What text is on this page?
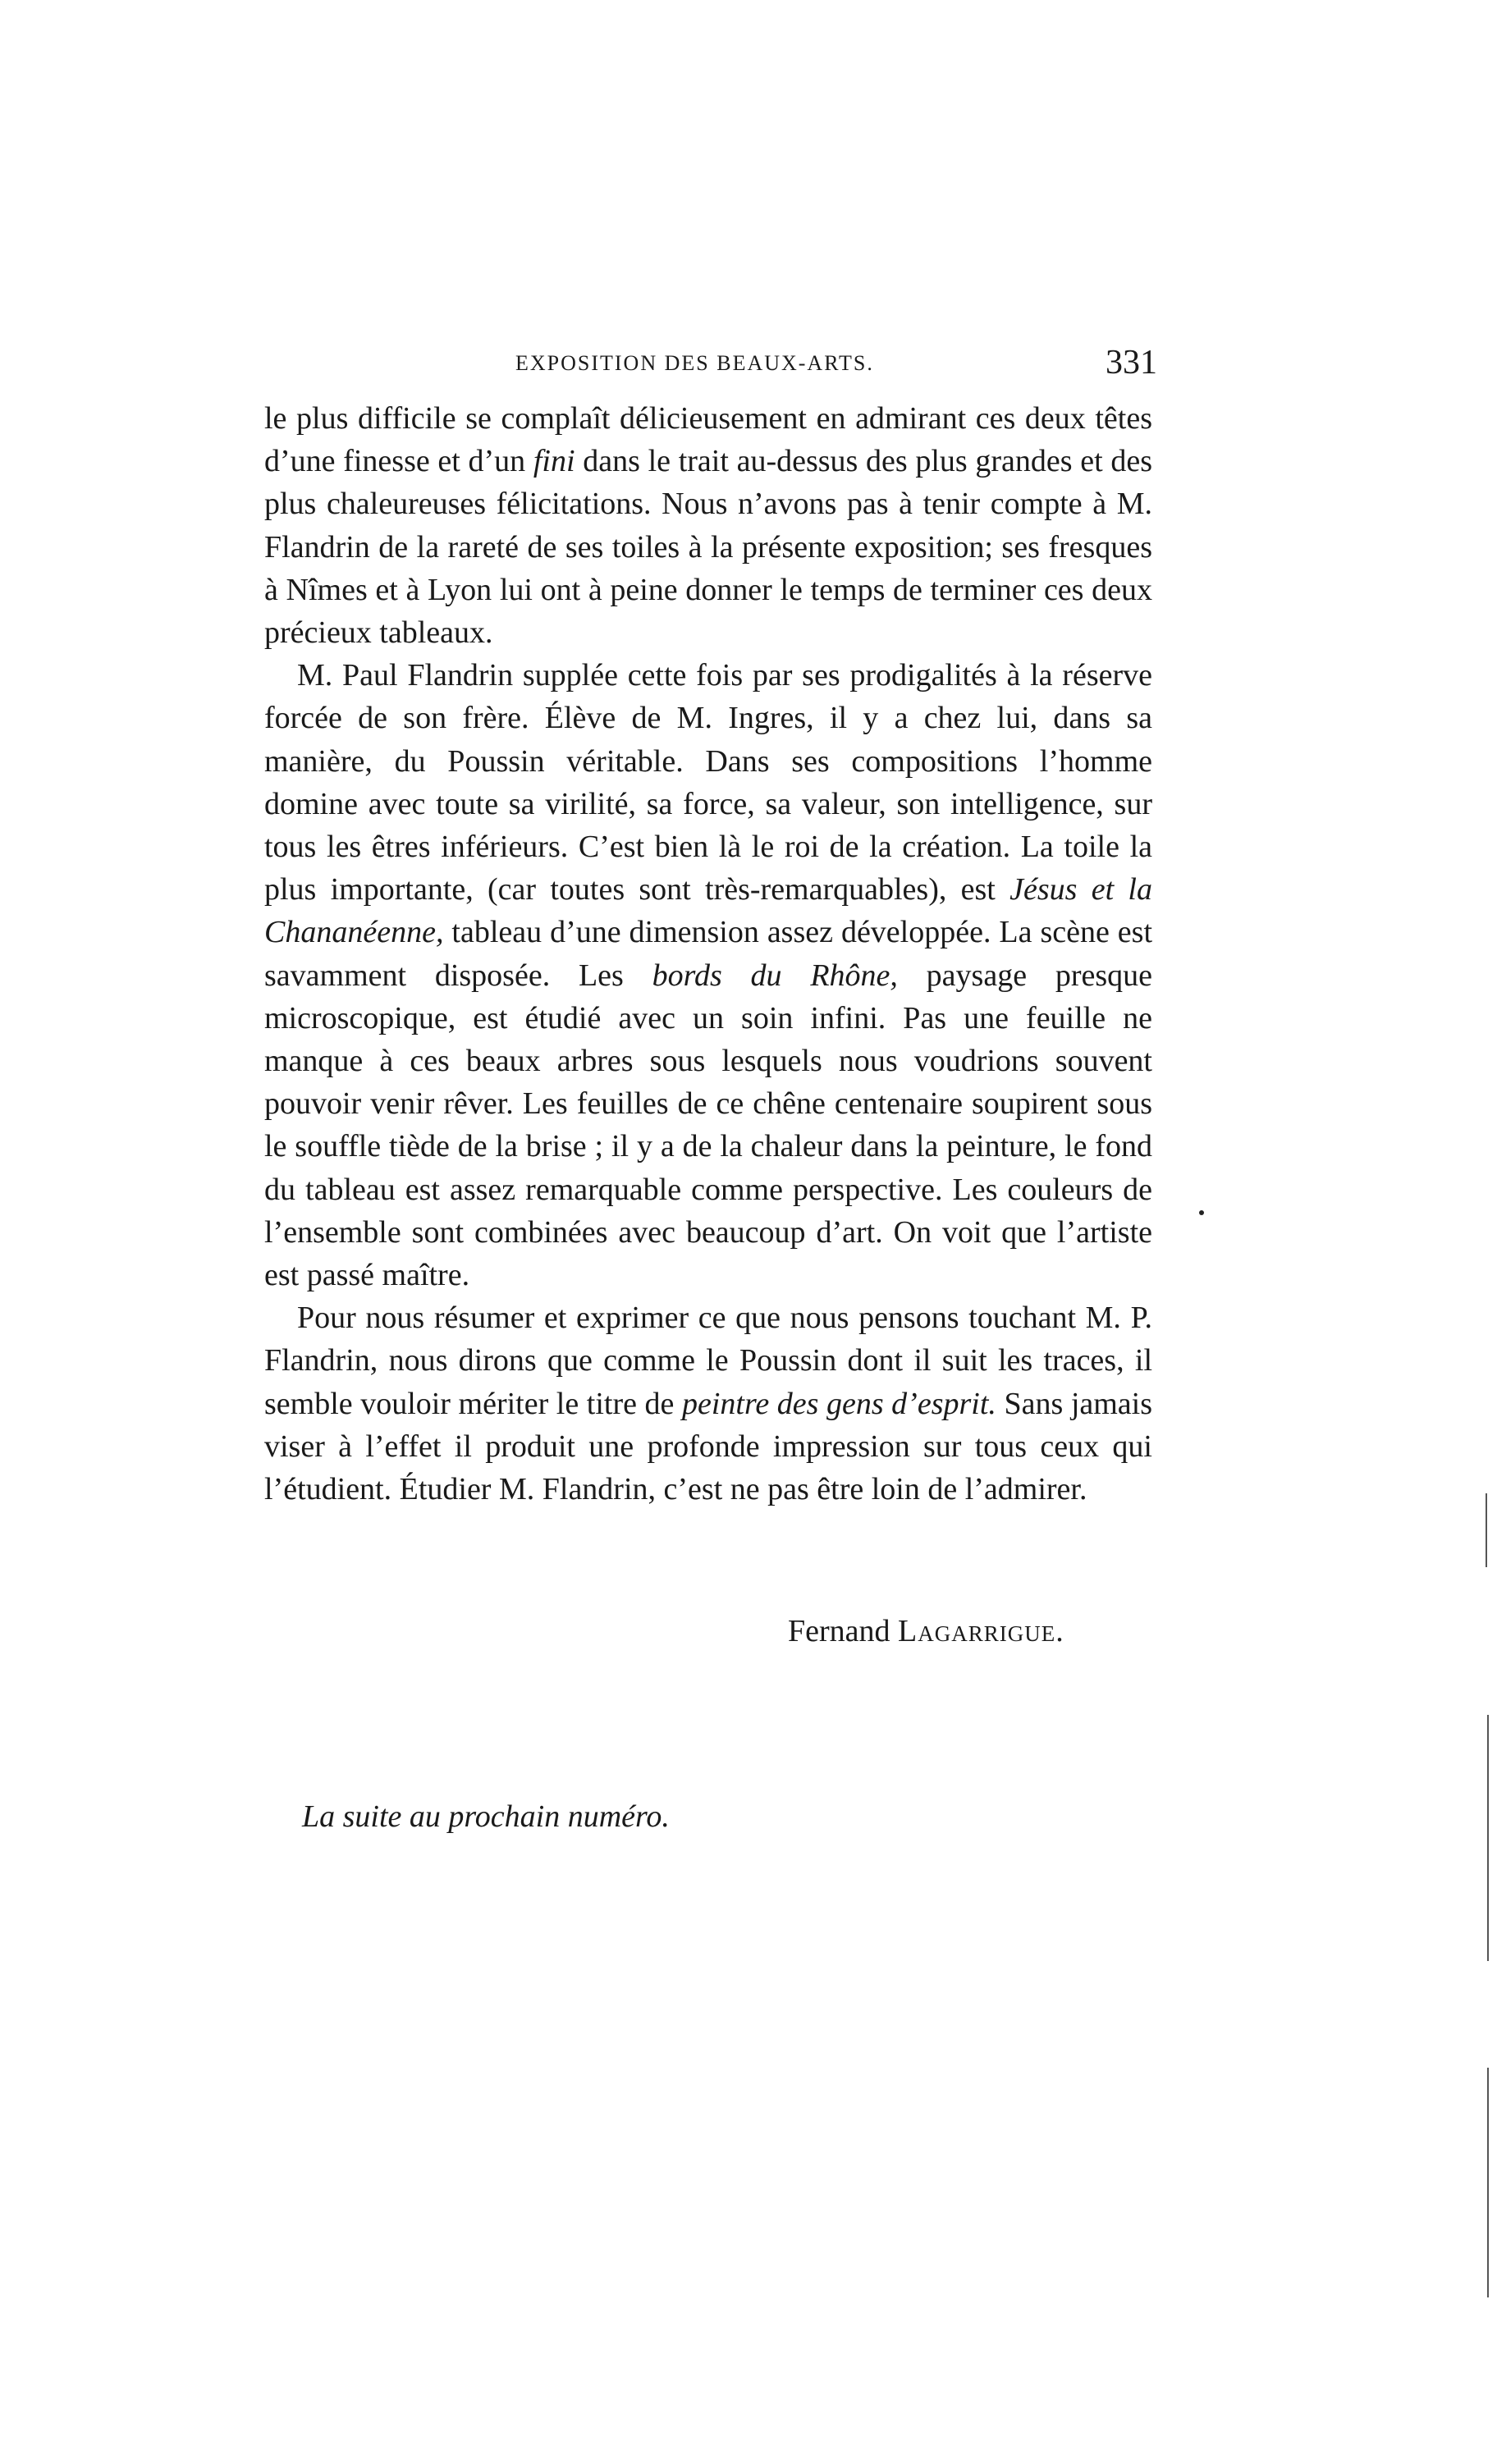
EXPOSITION DES BEAUX-ARTS.	331

le plus difficile se complaît délicieusement en admirant ces deux têtes d’une finesse et d’un fini dans le trait au-dessus des plus grandes et des plus chaleureuses félicitations. Nous n’avons pas à tenir compte à M. Flandrin de la rareté de ses toiles à la présente exposition; ses fresques à Nîmes et à Lyon lui ont à peine donner le temps de terminer ces deux précieux tableaux.

M. Paul Flandrin supplée cette fois par ses prodigalités à la réserve forcée de son frère. Élève de M. Ingres, il y a chez lui, dans sa manière, du Poussin véritable. Dans ses compositions l’homme domine avec toute sa virilité, sa force, sa valeur, son intelligence, sur tous les êtres inférieurs. C’est bien là le roi de la création. La toile la plus importante, (car toutes sont très-remarquables), est Jésus et la Chananéenne, tableau d’une dimension assez développée. La scène est savamment disposée. Les bords du Rhône, paysage presque microscopique, est étudié avec un soin infini. Pas une feuille ne manque à ces beaux arbres sous lesquels nous voudrions souvent pouvoir venir rêver. Les feuilles de ce chêne centenaire soupirent sous le souffle tiède de la brise ; il y a de la chaleur dans la peinture, le fond du tableau est assez remarquable comme perspective. Les couleurs de l’ensemble sont combinées avec beaucoup d’art. On voit que l’artiste est passé maître.

Pour nous résumer et exprimer ce que nous pensons touchant M. P. Flandrin, nous dirons que comme le Poussin dont il suit les traces, il semble vouloir mériter le titre de peintre des gens d’esprit. Sans jamais viser à l’effet il produit une profonde impression sur tous ceux qui l’étudient. Étudier M. Flandrin, c’est ne pas être loin de l’admirer.

Fernand Lagarrigue.
La suite au prochain numéro.
